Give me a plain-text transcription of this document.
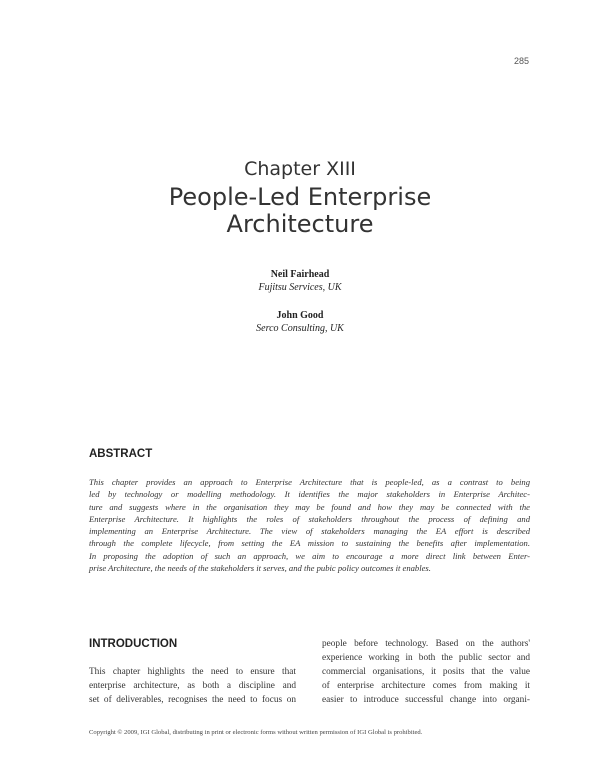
285
Chapter XIII
People-Led Enterprise
Architecture
Neil Fairhead
Fujitsu Services, UK
John Good
Serco Consulting, UK
ABSTRACT
This chapter provides an approach to Enterprise Architecture that is people-led, as a contrast to being
led by technology or modelling methodology. It identifies the major stakeholders in Enterprise Architec-
ture and suggests where in the organisation they may be found and how they may be connected with the
Enterprise Architecture. It highlights the roles of stakeholders throughout the process of defining and
implementing an Enterprise Architecture. The view of stakeholders managing the EA effort is described
through the complete lifecycle, from setting the EA mission to sustaining the benefits after implementation.
In proposing the adoption of such an approach, we aim to encourage a more direct link between Enter-
prise Architecture, the needs of the stakeholders it serves, and the pubic policy outcomes it enables.
INTRODUCTION
This chapter highlights the need to ensure that
enterprise architecture, as both a discipline and
set of deliverables, recognises the need to focus on
people before technology. Based on the authors'
experience working in both the public sector and
commercial organisations, it posits that the value
of enterprise architecture comes from making it
easier to introduce successful change into organi-
Copyright © 2009, IGI Global, distributing in print or electronic forms without written permission of IGI Global is prohibited.
